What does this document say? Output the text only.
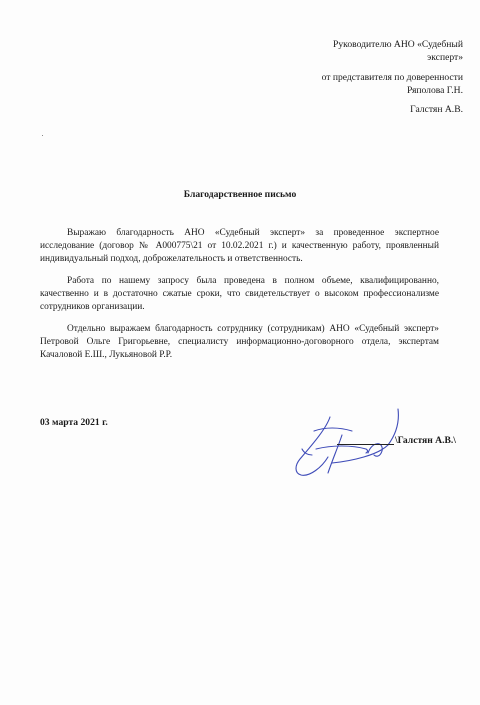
Руководителю АНО «Судебный
эксперт»
от представителя по доверенности
Ряполова Г.Н.
Галстян А.В.
Благодарственное письмо

Выражаю благодарность АНО «Судебный эксперт» за проведенное экспертное исследование (договор № А000775\21 от 10.02.2021 г.) и качественную работу, проявленный индивидуальный подход, доброжелательность и ответственность.

Работа по нашему запросу была проведена в полном объеме, квалифицированно, качественно и в достаточно сжатые сроки, что свидетельствует о высоком профессионализме сотрудников организации.

Отдельно выражаем благодарность сотруднику (сотрудникам) АНО «Судебный эксперт» Петровой Ольге Григорьевне, специалисту информационно-договорного отдела, экспертам Качаловой Е.Ш., Лукьяновой Р.Р.

03 марта 2021 г.
\Галстян А.В.\
